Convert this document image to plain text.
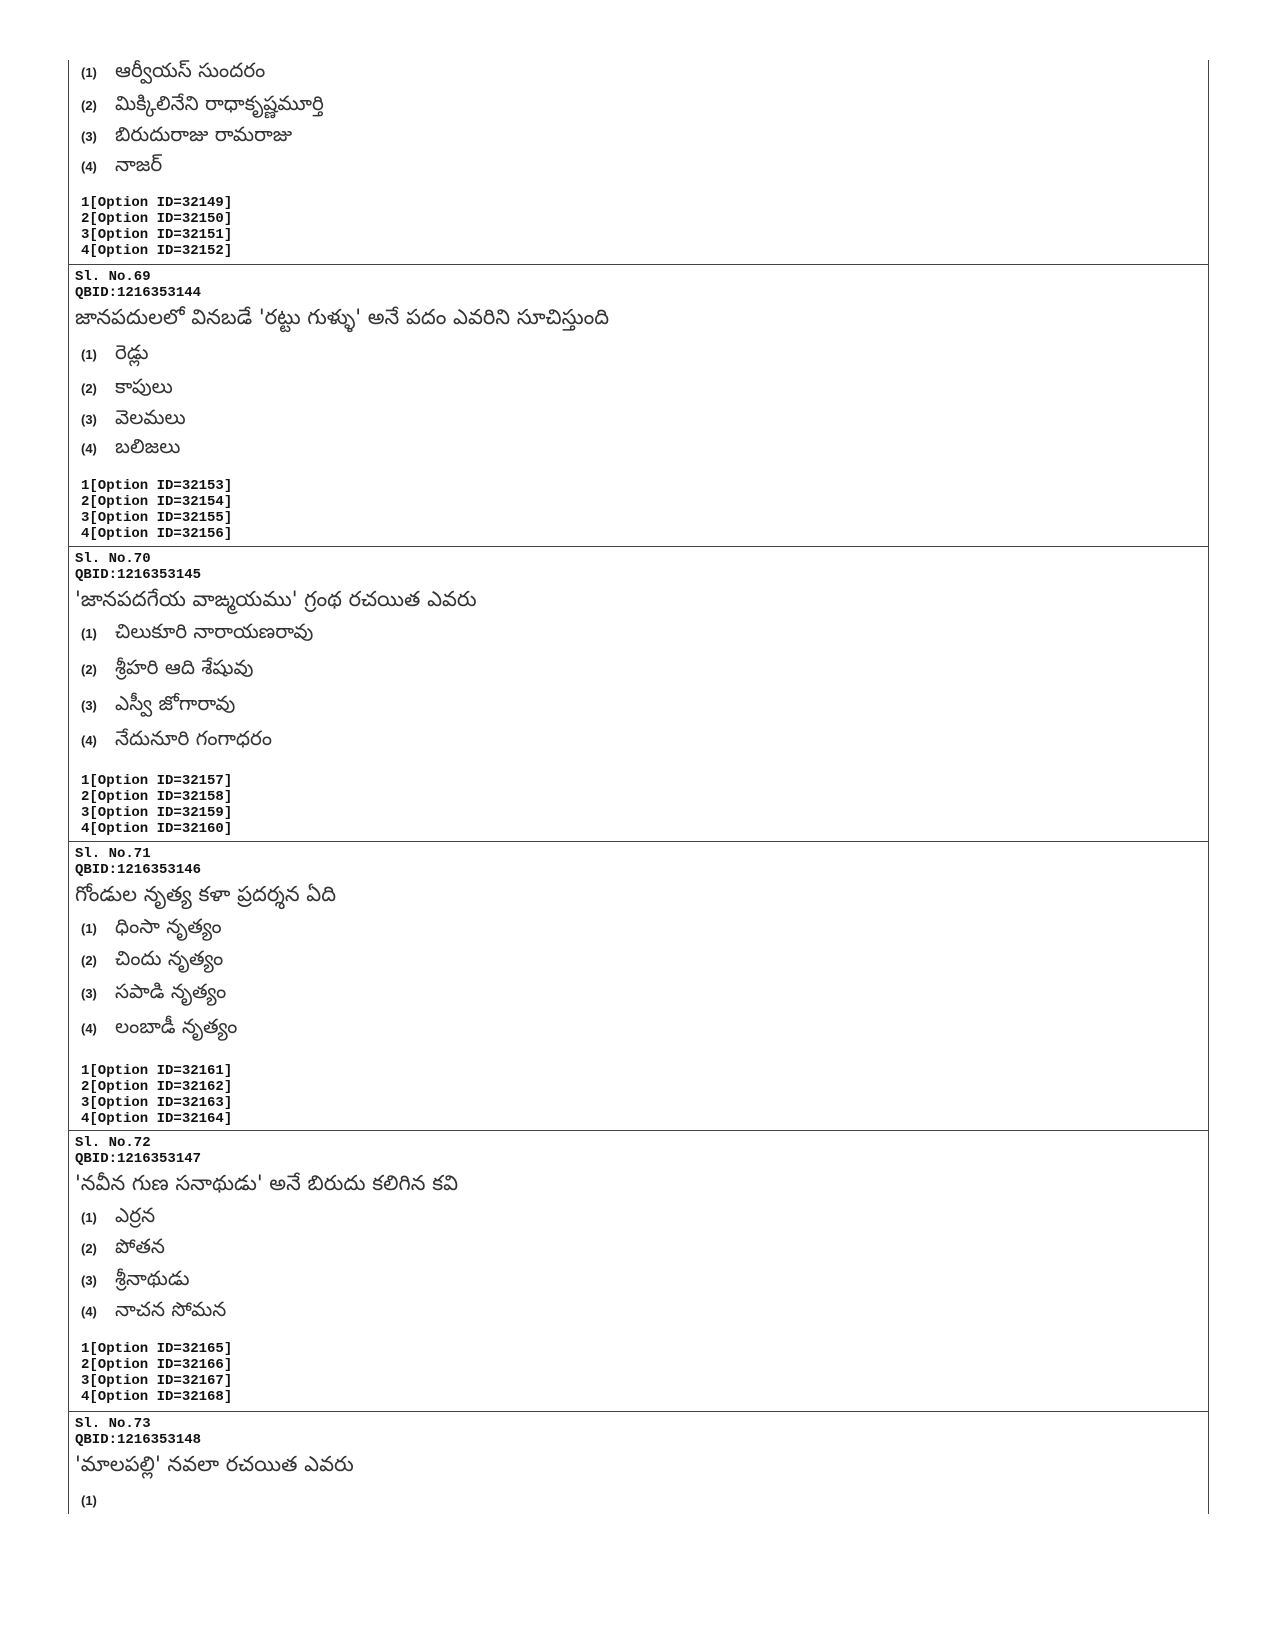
(1) ఆర్వీయస్ సుందరం
(2) మిక్కిలినేని రాధాకృష్ణమూర్తి
(3) బిరుదురాజు రామరాజు
(4) నాజర్
1[Option ID=32149]
2[Option ID=32150]
3[Option ID=32151]
4[Option ID=32152]
Sl. No.69
QBID:1216353144
జానపదులలో వినబడే 'రట్టు గుళ్ళు' అనే పదం ఎవరిని సూచిస్తుంది
(1) రెడ్లు
(2) కాపులు
(3) వెలమలు
(4) బలిజలు
1[Option ID=32153]
2[Option ID=32154]
3[Option ID=32155]
4[Option ID=32156]
Sl. No.70
QBID:1216353145
'జానపదగేయ వాఙ్మయము' గ్రంథ రచయిత ఎవరు
(1) చిలుకూరి నారాయణరావు
(2) శ్రీహరి ఆది శేషువు
(3) ఎస్వీ జోగారావు
(4) నేదునూరి గంగాధరం
1[Option ID=32157]
2[Option ID=32158]
3[Option ID=32159]
4[Option ID=32160]
Sl. No.71
QBID:1216353146
గోండుల నృత్య కళా ప్రదర్శన ఏది
(1) ధింసా నృత్యం
(2) చిందు నృత్యం
(3) సపాడి నృత్యం
(4) లంబాడీ నృత్యం
1[Option ID=32161]
2[Option ID=32162]
3[Option ID=32163]
4[Option ID=32164]
Sl. No.72
QBID:1216353147
'నవీన గుణ సనాథుడు' అనే బిరుదు కలిగిన కవి
(1) ఎర్రన
(2) పోతన
(3) శ్రీనాథుడు
(4) నాచన సోమన
1[Option ID=32165]
2[Option ID=32166]
3[Option ID=32167]
4[Option ID=32168]
Sl. No.73
QBID:1216353148
'మాలపల్లి' నవలా రచయిత ఎవరు
(1)
